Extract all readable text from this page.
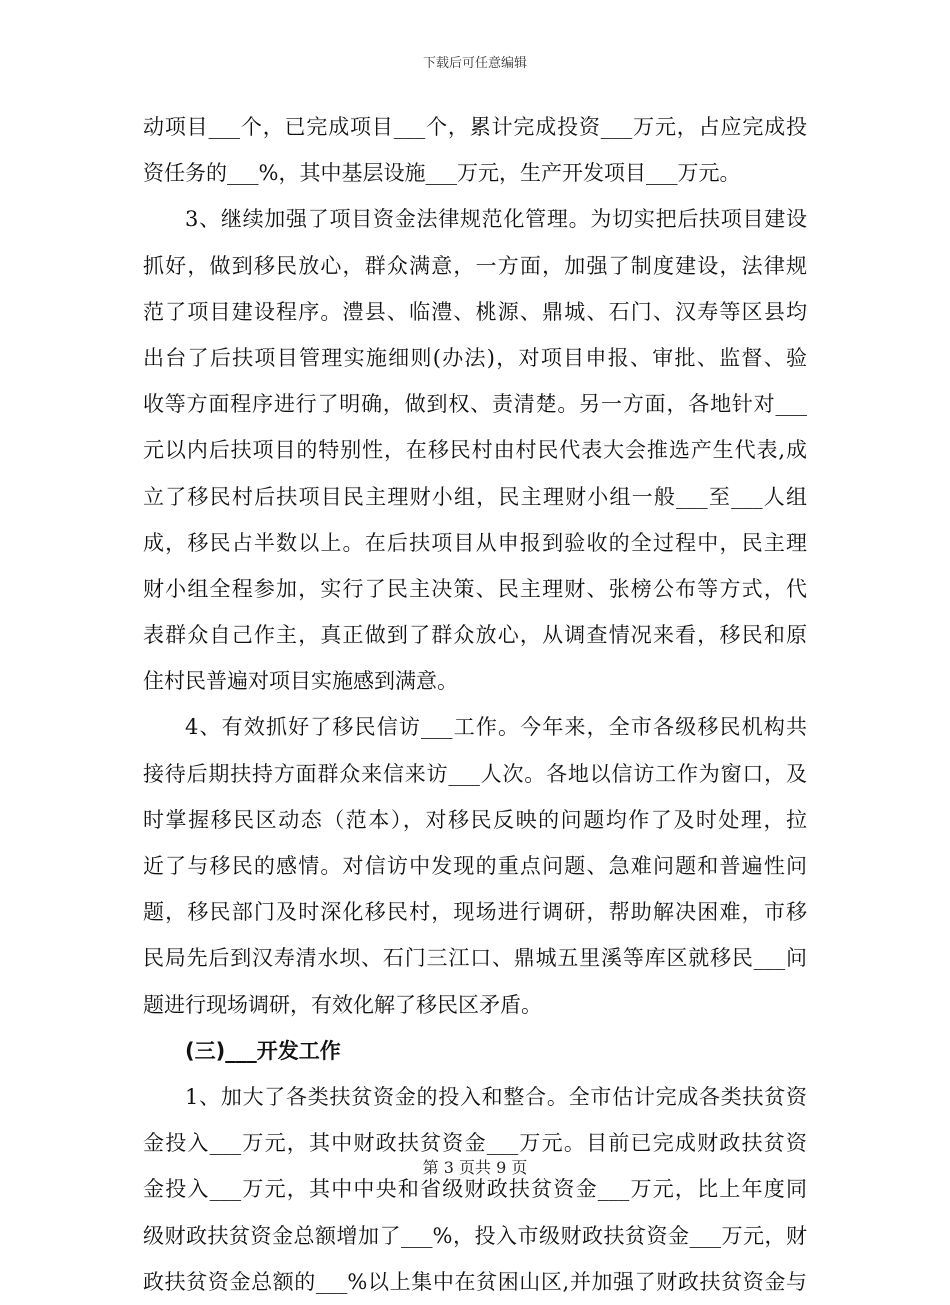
下载后可任意编辑
动项目___个，已完成项目___个，累计完成投资___万元，占应完成投
资任务的___%，其中基层设施___万元，生产开发项目___万元。
3、继续加强了项目资金法律规范化管理。为切实把后扶项目建设
抓好，做到移民放心，群众满意，一方面，加强了制度建设，法律规
范了项目建设程序。澧县、临澧、桃源、鼎城、石门、汉寿等区县均
出台了后扶项目管理实施细则(办法)，对项目申报、审批、监督、验
收等方面程序进行了明确，做到权、责清楚。另一方面，各地针对___
元以内后扶项目的特别性，在移民村由村民代表大会推选产生代表,成
立了移民村后扶项目民主理财小组，民主理财小组一般___至___人组
成，移民占半数以上。在后扶项目从申报到验收的全过程中，民主理
财小组全程参加，实行了民主决策、民主理财、张榜公布等方式，代
表群众自己作主，真正做到了群众放心，从调查情况来看，移民和原
住村民普遍对项目实施感到满意。
4、有效抓好了移民信访___工作。今年来，全市各级移民机构共
接待后期扶持方面群众来信来访___人次。各地以信访工作为窗口，及
时掌握移民区动态（范本），对移民反映的问题均作了及时处理，拉
近了与移民的感情。对信访中发现的重点问题、急难问题和普遍性问
题，移民部门及时深化移民村，现场进行调研，帮助解决困难，市移
民局先后到汉寿清水坝、石门三江口、鼎城五里溪等库区就移民___问
题进行现场调研，有效化解了移民区矛盾。
(三)___开发工作
1、加大了各类扶贫资金的投入和整合。全市估计完成各类扶贫资
金投入___万元，其中财政扶贫资金___万元。目前已完成财政扶贫资
金投入___万元，其中中央和省级财政扶贫资金___万元，比上年度同
级财政扶贫资金总额增加了___%，投入市级财政扶贫资金___万元，财
政扶贫资金总额的___%以上集中在贫困山区,并加强了财政扶贫资金与
第 3 页共 9 页
